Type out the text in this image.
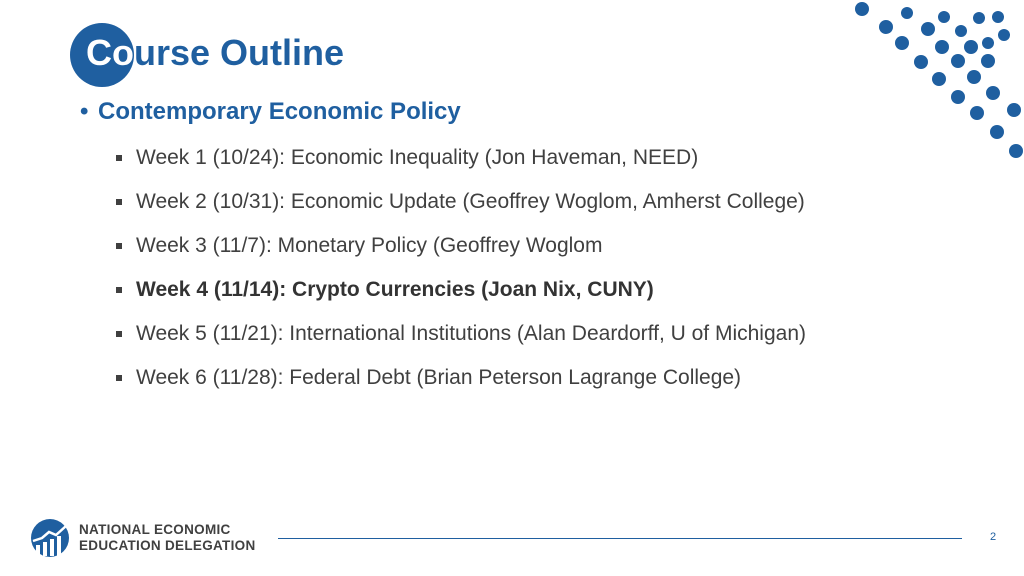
Course Outline
• Contemporary Economic Policy
Week 1 (10/24): Economic Inequality (Jon Haveman, NEED)
Week 2 (10/31): Economic Update (Geoffrey Woglom, Amherst College)
Week 3 (11/7): Monetary Policy (Geoffrey Woglom
Week 4 (11/14): Crypto Currencies (Joan Nix, CUNY)
Week 5 (11/21): International Institutions (Alan Deardorff, U of Michigan)
Week 6 (11/28): Federal Debt (Brian Peterson Lagrange College)
NATIONAL ECONOMIC
EDUCATION DELEGATION
2
